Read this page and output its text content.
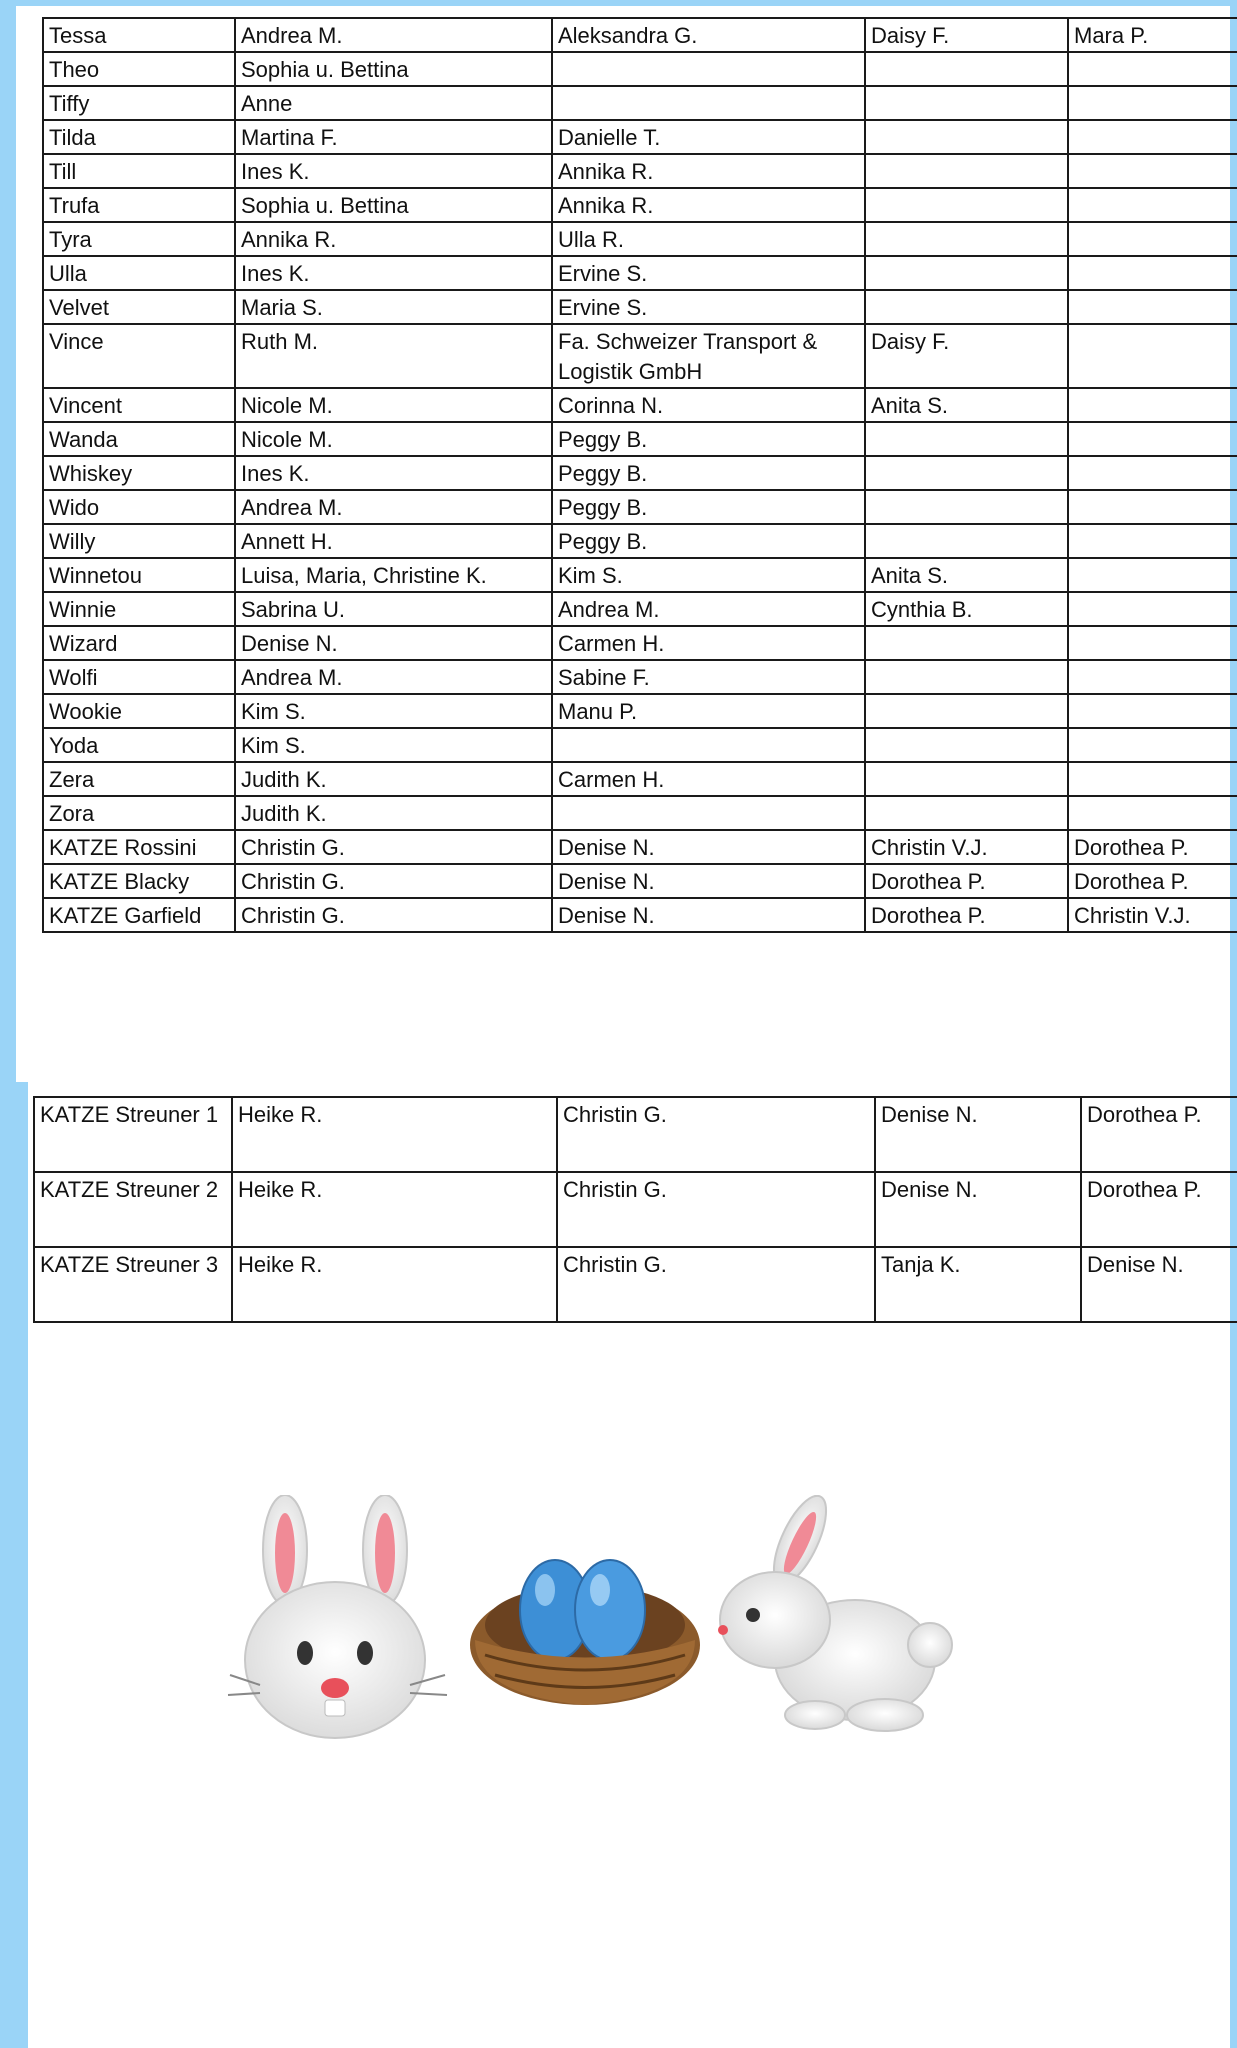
Tessa	Andrea M.	Aleksandra G.	Daisy F.	Mara P.
Theo	Sophia u. Bettina			
Tiffy	Anne			
Tilda	Martina F.	Danielle T.		
Till	Ines K.	Annika R.		
Trufa	Sophia u. Bettina	Annika R.		
Tyra	Annika R.	Ulla R.		
Ulla	Ines K.	Ervine S.		
Velvet	Maria S.	Ervine S.		
Vince	Ruth M.	Fa. Schweizer Transport & Logistik GmbH	Daisy F.	
Vincent	Nicole M.	Corinna N.	Anita S.	
Wanda	Nicole M.	Peggy B.		
Whiskey	Ines K.	Peggy B.		
Wido	Andrea M.	Peggy B.		
Willy	Annett H.	Peggy B.		
Winnetou	Luisa, Maria, Christine K.	Kim S.	Anita S.	
Winnie	Sabrina U.	Andrea M.	Cynthia B.	
Wizard	Denise N.	Carmen H.		
Wolfi	Andrea M.	Sabine F.		
Wookie	Kim S.	Manu P.		
Yoda	Kim S.			
Zera	Judith K.	Carmen H.		
Zora	Judith K.			
KATZE Rossini	Christin G.	Denise N.	Christin V.J.	Dorothea P.
KATZE Blacky	Christin G.	Denise N.	Dorothea P.	Dorothea P.
KATZE Garfield	Christin G.	Denise N.	Dorothea P.	Christin V.J.
KATZE Streuner 1	Heike R.	Christin G.	Denise N.	Dorothea P.
KATZE Streuner 2	Heike R.	Christin G.	Denise N.	Dorothea P.
KATZE Streuner 3	Heike R.	Christin G.	Tanja K.	Denise N.
